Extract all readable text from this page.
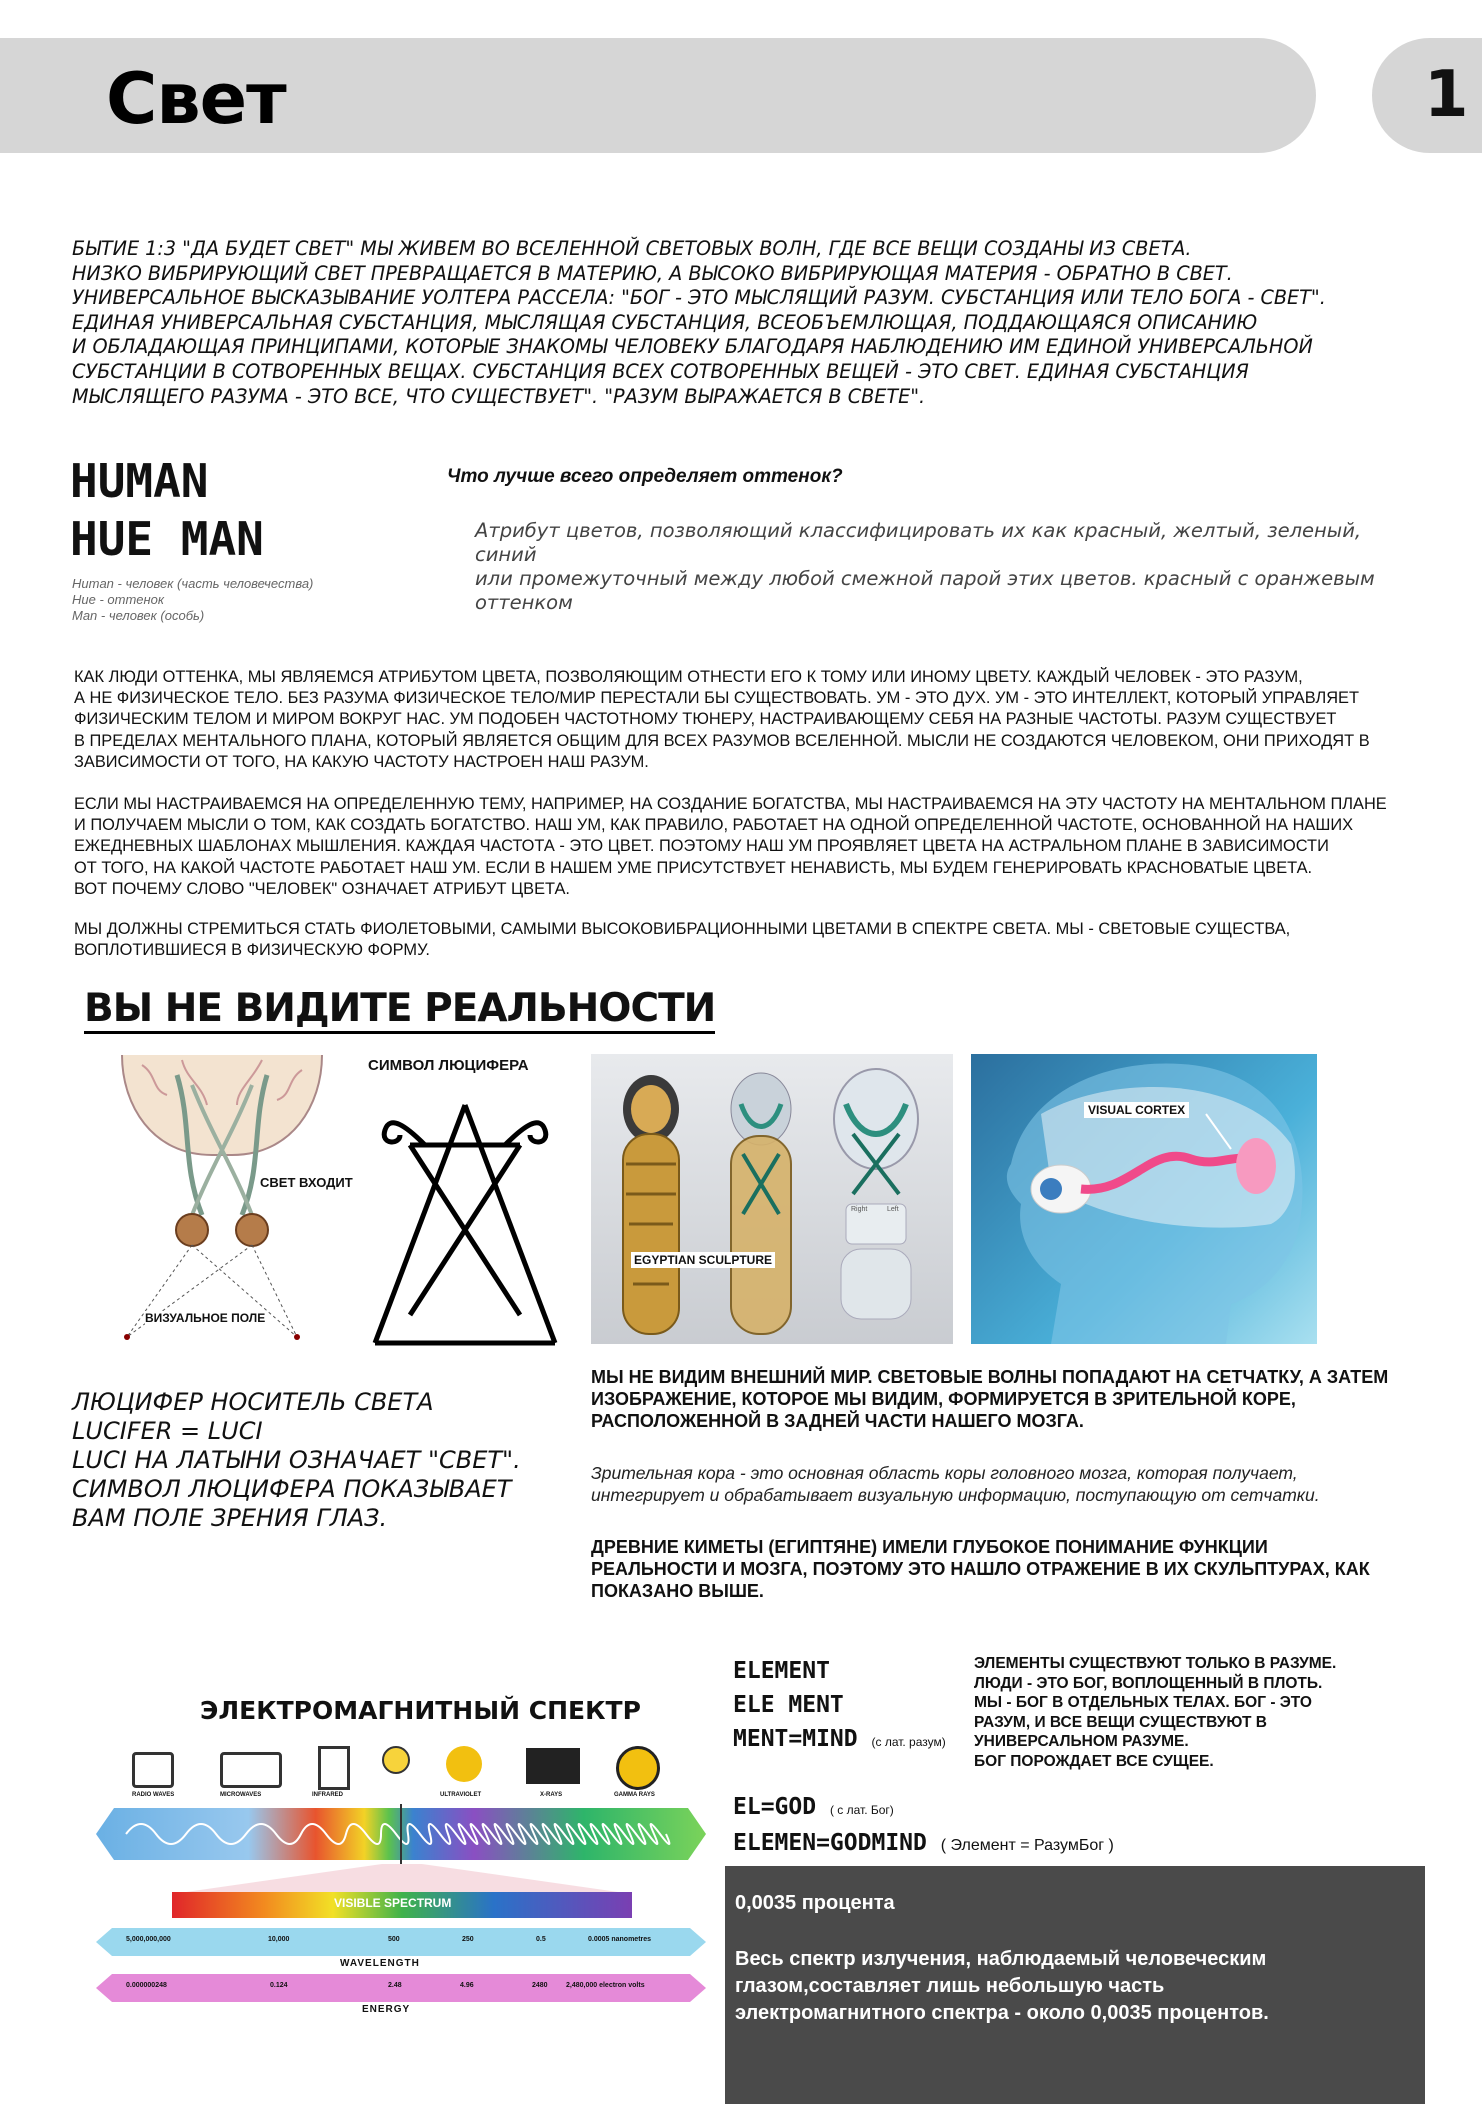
Свет	1

БЫТИЕ 1:3 "ДА БУДЕТ СВЕТ" МЫ ЖИВЕМ ВО ВСЕЛЕННОЙ СВЕТОВЫХ ВОЛН, ГДЕ ВСЕ ВЕЩИ СОЗДАНЫ ИЗ СВЕТА.

НИЗКО ВИБРИРУЮЩИЙ СВЕТ ПРЕВРАЩАЕТСЯ В МАТЕРИЮ, А ВЫСОКО ВИБРИРУЮЩАЯ МАТЕРИЯ - ОБРАТНО В СВЕТ.

УНИВЕРСАЛЬНОЕ ВЫСКАЗЫВАНИЕ УОЛТЕРА РАССЕЛА: "БОГ - ЭТО МЫСЛЯЩИЙ РАЗУМ. СУБСТАНЦИЯ ИЛИ ТЕЛО БОГА - СВЕТ".

ЕДИНАЯ УНИВЕРСАЛЬНАЯ СУБСТАНЦИЯ, МЫСЛЯЩАЯ СУБСТАНЦИЯ, ВСЕОБЪЕМЛЮЩАЯ, ПОДДАЮЩАЯСЯ ОПИСАНИЮ

И ОБЛАДАЮЩАЯ ПРИНЦИПАМИ, КОТОРЫЕ ЗНАКОМЫ ЧЕЛОВЕКУ БЛАГОДАРЯ НАБЛЮДЕНИЮ ИМ ЕДИНОЙ УНИВЕРСАЛЬНОЙ

СУБСТАНЦИИ В СОТВОРЕННЫХ ВЕЩАХ. СУБСТАНЦИЯ ВСЕХ СОТВОРЕННЫХ ВЕЩЕЙ - ЭТО СВЕТ. ЕДИНАЯ СУБСТАНЦИЯ

МЫСЛЯЩЕГО РАЗУМА - ЭТО ВСЕ, ЧТО СУЩЕСТВУЕТ". "РАЗУМ ВЫРАЖАЕТСЯ В СВЕТЕ".

HUMAN
HUE MAN
Human - человек (часть человечества)
Hue - оттенок
Man - человек (особь)
Что лучше всего определяет оттенок?
Атрибут цветов, позволяющий классифицировать их как красный, желтый, зеленый, синий
или промежуточный между любой смежной парой этих цветов. красный с оранжевым оттенком

КАК ЛЮДИ ОТТЕНКА, МЫ ЯВЛЯЕМСЯ АТРИБУТОМ ЦВЕТА, ПОЗВОЛЯЮЩИМ ОТНЕСТИ ЕГО К ТОМУ ИЛИ ИНОМУ ЦВЕТУ. КАЖДЫЙ ЧЕЛОВЕК - ЭТО РАЗУМ,

А НЕ ФИЗИЧЕСКОЕ ТЕЛО. БЕЗ РАЗУМА ФИЗИЧЕСКОЕ ТЕЛО/МИР ПЕРЕСТАЛИ БЫ СУЩЕСТВОВАТЬ. УМ - ЭТО ДУХ. УМ - ЭТО ИНТЕЛЛЕКТ, КОТОРЫЙ УПРАВЛЯЕТ

ФИЗИЧЕСКИМ ТЕЛОМ И МИРОМ ВОКРУГ НАС. УМ ПОДОБЕН ЧАСТОТНОМУ ТЮНЕРУ, НАСТРАИВАЮЩЕМУ СЕБЯ НА РАЗНЫЕ ЧАСТОТЫ. РАЗУМ СУЩЕСТВУЕТ

В ПРЕДЕЛАХ МЕНТАЛЬНОГО ПЛАНА, КОТОРЫЙ ЯВЛЯЕТСЯ ОБЩИМ ДЛЯ ВСЕХ РАЗУМОВ ВСЕЛЕННОЙ. МЫСЛИ НЕ СОЗДАЮТСЯ ЧЕЛОВЕКОМ, ОНИ ПРИХОДЯТ В

ЗАВИСИМОСТИ ОТ ТОГО, НА КАКУЮ ЧАСТОТУ НАСТРОЕН НАШ РАЗУМ.

ЕСЛИ МЫ НАСТРАИВАЕМСЯ НА ОПРЕДЕЛЕННУЮ ТЕМУ, НАПРИМЕР, НА СОЗДАНИЕ БОГАТСТВА, МЫ НАСТРАИВАЕМСЯ НА ЭТУ ЧАСТОТУ НА МЕНТАЛЬНОМ ПЛАНЕ

И ПОЛУЧАЕМ МЫСЛИ О ТОМ, КАК СОЗДАТЬ БОГАТСТВО. НАШ УМ, КАК ПРАВИЛО, РАБОТАЕТ НА ОДНОЙ ОПРЕДЕЛЕННОЙ ЧАСТОТЕ, ОСНОВАННОЙ НА НАШИХ

ЕЖЕДНЕВНЫХ ШАБЛОНАХ МЫШЛЕНИЯ. КАЖДАЯ ЧАСТОТА - ЭТО ЦВЕТ. ПОЭТОМУ НАШ УМ ПРОЯВЛЯЕТ ЦВЕТА НА АСТРАЛЬНОМ ПЛАНЕ В ЗАВИСИМОСТИ

ОТ ТОГО, НА КАКОЙ ЧАСТОТЕ РАБОТАЕТ НАШ УМ. ЕСЛИ В НАШЕМ УМЕ ПРИСУТСТВУЕТ НЕНАВИСТЬ, МЫ БУДЕМ ГЕНЕРИРОВАТЬ КРАСНОВАТЫЕ ЦВЕТА.

ВОТ ПОЧЕМУ СЛОВО "ЧЕЛОВЕК" ОЗНАЧАЕТ АТРИБУТ ЦВЕТА.

МЫ ДОЛЖНЫ СТРЕМИТЬСЯ СТАТЬ ФИОЛЕТОВЫМИ, САМЫМИ ВЫСОКОВИБРАЦИОННЫМИ ЦВЕТАМИ В СПЕКТРЕ СВЕТА. МЫ - СВЕТОВЫЕ СУЩЕСТВА,

ВОПЛОТИВШИЕСЯ В ФИЗИЧЕСКУЮ ФОРМУ.

ВЫ НЕ ВИДИТЕ РЕАЛЬНОСТИ
СВЕТ ВХОДИТ
ВИЗУАЛЬНОЕ ПОЛЕ
СИМВОЛ ЛЮЦИФЕРА
Right	Left
EGYPTIAN SCULPTURE
VISUAL CORTEX

ЛЮЦИФЕР НОСИТЕЛЬ СВЕТА

LUCIFER = LUCI

LUCI НА ЛАТЫНИ ОЗНАЧАЕТ "СВЕТ".

СИМВОЛ ЛЮЦИФЕРА ПОКАЗЫВАЕТ

ВАМ ПОЛЕ ЗРЕНИЯ ГЛАЗ.

МЫ НЕ ВИДИМ ВНЕШНИЙ МИР. СВЕТОВЫЕ ВОЛНЫ ПОПАДАЮТ НА СЕТЧАТКУ, А ЗАТЕМ ИЗОБРАЖЕНИЕ, КОТОРОЕ МЫ ВИДИМ, ФОРМИРУЕТСЯ В ЗРИТЕЛЬНОЙ КОРЕ, РАСПОЛОЖЕННОЙ В ЗАДНЕЙ ЧАСТИ НАШЕГО МОЗГА.
Зрительная кора - это основная область коры головного мозга, которая получает, интегрирует и обрабатывает визуальную информацию, поступающую от сетчатки.
ДРЕВНИЕ КИМЕТЫ (ЕГИПТЯНЕ) ИМЕЛИ ГЛУБОКОЕ ПОНИМАНИЕ ФУНКЦИИ РЕАЛЬНОСТИ И МОЗГА, ПОЭТОМУ ЭТО НАШЛО ОТРАЖЕНИЕ В ИХ СКУЛЬПТУРАХ, КАК ПОКАЗАНО ВЫШЕ.
ЭЛЕКТРОМАГНИТНЫЙ СПЕКТР
RADIO WAVES	MICROWAVES	INFRARED	ULTRAVIOLET	X-RAYS	GAMMA RAYS
VISIBLE SPECTRUM
5,000,000,000	10,000	500	250	0.5	0.0005 nanometres
WAVELENGTH
0.000000248	0.124	2.48	4.96	2480	2,480,000 electron volts
ENERGY
ELEMENT
ELE MENT
MENT=MIND (с лат. разум)
EL=GOD ( с лат. Бог)
ELEMEN=GODMIND ( Элемент = РазумБог )

ЭЛЕМЕНТЫ СУЩЕСТВУЮТ ТОЛЬКО В РАЗУМЕ.

ЛЮДИ - ЭТО БОГ, ВОПЛОЩЕННЫЙ В ПЛОТЬ.

МЫ - БОГ В ОТДЕЛЬНЫХ ТЕЛАХ. БОГ - ЭТО

РАЗУМ, И ВСЕ ВЕЩИ СУЩЕСТВУЮТ В

УНИВЕРСАЛЬНОМ РАЗУМЕ.

БОГ ПОРОЖДАЕТ ВСЕ СУЩЕЕ.

0,0035 процента
Весь спектр излучения, наблюдаемый человеческим глазом,составляет лишь небольшую часть электромагнитного спектра - около 0,0035 процентов.
